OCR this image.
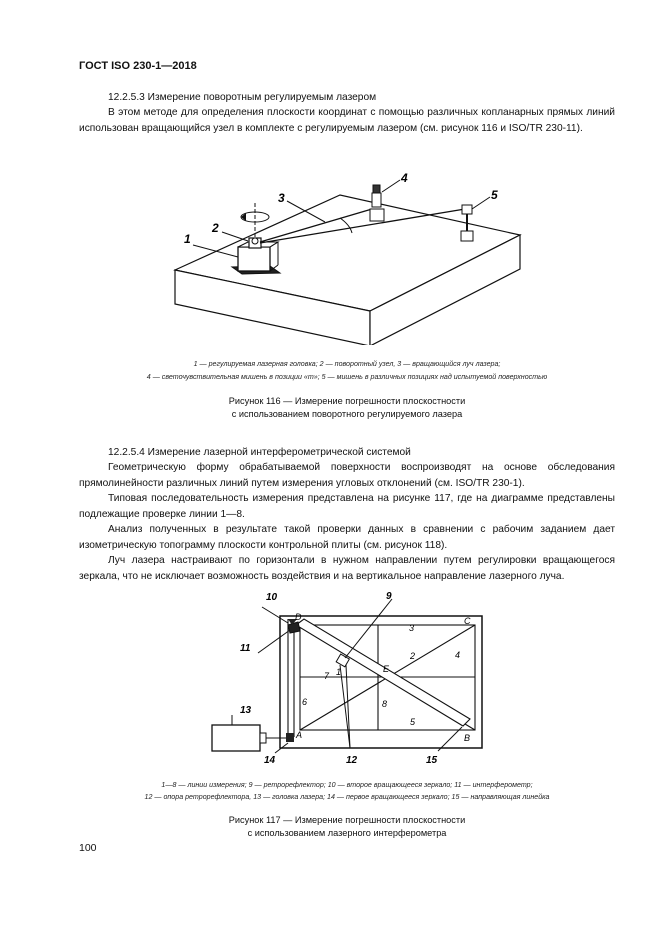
ГОСТ ISO 230-1—2018
12.2.5.3 Измерение поворотным регулируемым лазером
В этом методе для определения плоскости координат с помощью различных копланарных прямых линий использован вращающийся узел в комплекте с регулируемым лазером (см. рисунок 116 и ISO/TR 230-11).
1
2
3
4
5
1 — регулируемая лазерная головка; 2 — поворотный узел, 3 — вращающийся луч лазера;
4 — светочувствительная мишень в позиции «m»; 5 — мишень в различных позициях над испытуемой поверхностью
Рисунок 116 — Измерение погрешности плоскостности
с использованием поворотного регулируемого лазера
12.2.5.4 Измерение лазерной интерферометрической системой
Геометрическую форму обрабатываемой поверхности воспроизводят на основе обследования прямолинейности различных линий путем измерения угловых отклонений (см. ISO/TR 230-1).
Типовая последовательность измерения представлена на рисунке 117, где на диаграмме представлены подлежащие проверке линии 1—8.
Анализ полученных в результате такой проверки данных в сравнении с рабочим заданием дает изометрическую топограмму плоскости контрольной плиты (см. рисунок 118).
Луч лазера настраивают по горизонтали в нужном направлении путем регулировки вращающегося зеркала, что не исключает возможность воздействия и на вертикальное направление лазерного луча.
10	9
11
13
14	12	15
1
2
3
4
5
6
7
8
A	B
C
D
E
1—8 — линии измерения; 9 — ретрорефлектор; 10 — второе вращающееся зеркало; 11 — интерферометр;
12 — опора ретрорефлектора, 13 — головка лазера; 14 — первое вращающееся зеркало; 15 — направляющая линейка
Рисунок 117 — Измерение погрешности плоскостности
с использованием лазерного интерферометра
100
